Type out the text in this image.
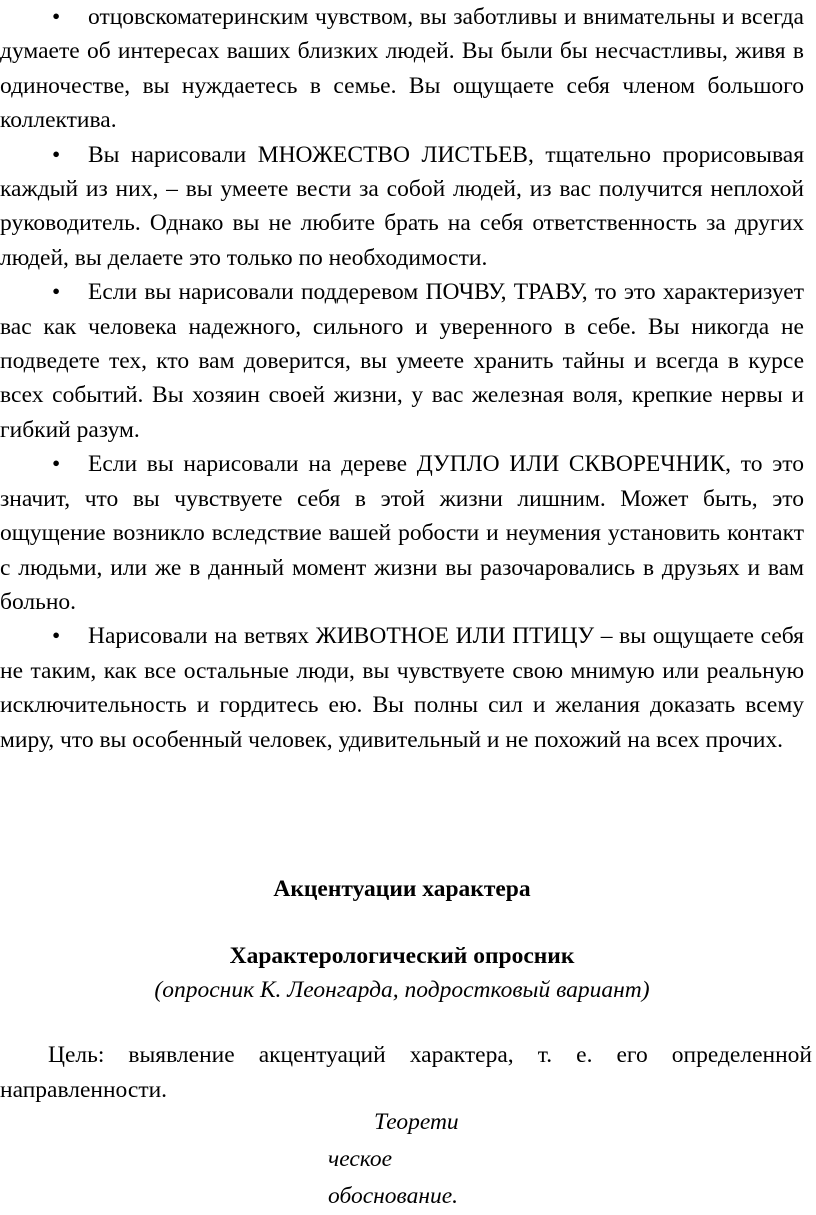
• отцовскоматеринским чувством, вы заботливы и внимательны и всегда думаете об интересах ваших близких людей. Вы были бы несчастливы, живя в одиночестве, вы нуждаетесь в семье. Вы ощущаете себя членом большого коллектива.

• Вы нарисовали МНОЖЕСТВО ЛИСТЬЕВ, тщательно прорисовывая каждый из них, – вы умеете вести за собой людей, из вас получится неплохой руководитель. Однако вы не любите брать на себя ответственность за других людей, вы делаете это только по необходимости.

• Если вы нарисовали поддеревом ПОЧВУ, ТРАВУ, то это характеризует вас как человека надежного, сильного и уверенного в себе. Вы никогда не подведете тех, кто вам доверится, вы умеете хранить тайны и всегда в курсе всех событий. Вы хозяин своей жизни, у вас железная воля, крепкие нервы и гибкий разум.

• Если вы нарисовали на дереве ДУПЛО ИЛИ СКВОРЕЧНИК, то это значит, что вы чувствуете себя в этой жизни лишним. Может быть, это ощущение возникло вследствие вашей робости и неумения установить контакт с людьми, или же в данный момент жизни вы разочаровались в друзьях и вам больно.

• Нарисовали на ветвях ЖИВОТНОЕ ИЛИ ПТИЦУ – вы ощущаете себя не таким, как все остальные люди, вы чувствуете свою мнимую или реальную исключительность и гордитесь ею. Вы полны сил и желания доказать всему миру, что вы особенный человек, удивительный и не похожий на всех прочих.

Акцентуации характера
Характерологический опросник

(опросник К. Леонгарда, подростковый вариант)

Цель: выявление акцентуаций характера, т. е. его определенной направленности.

Теорети
ческое
обоснование.
